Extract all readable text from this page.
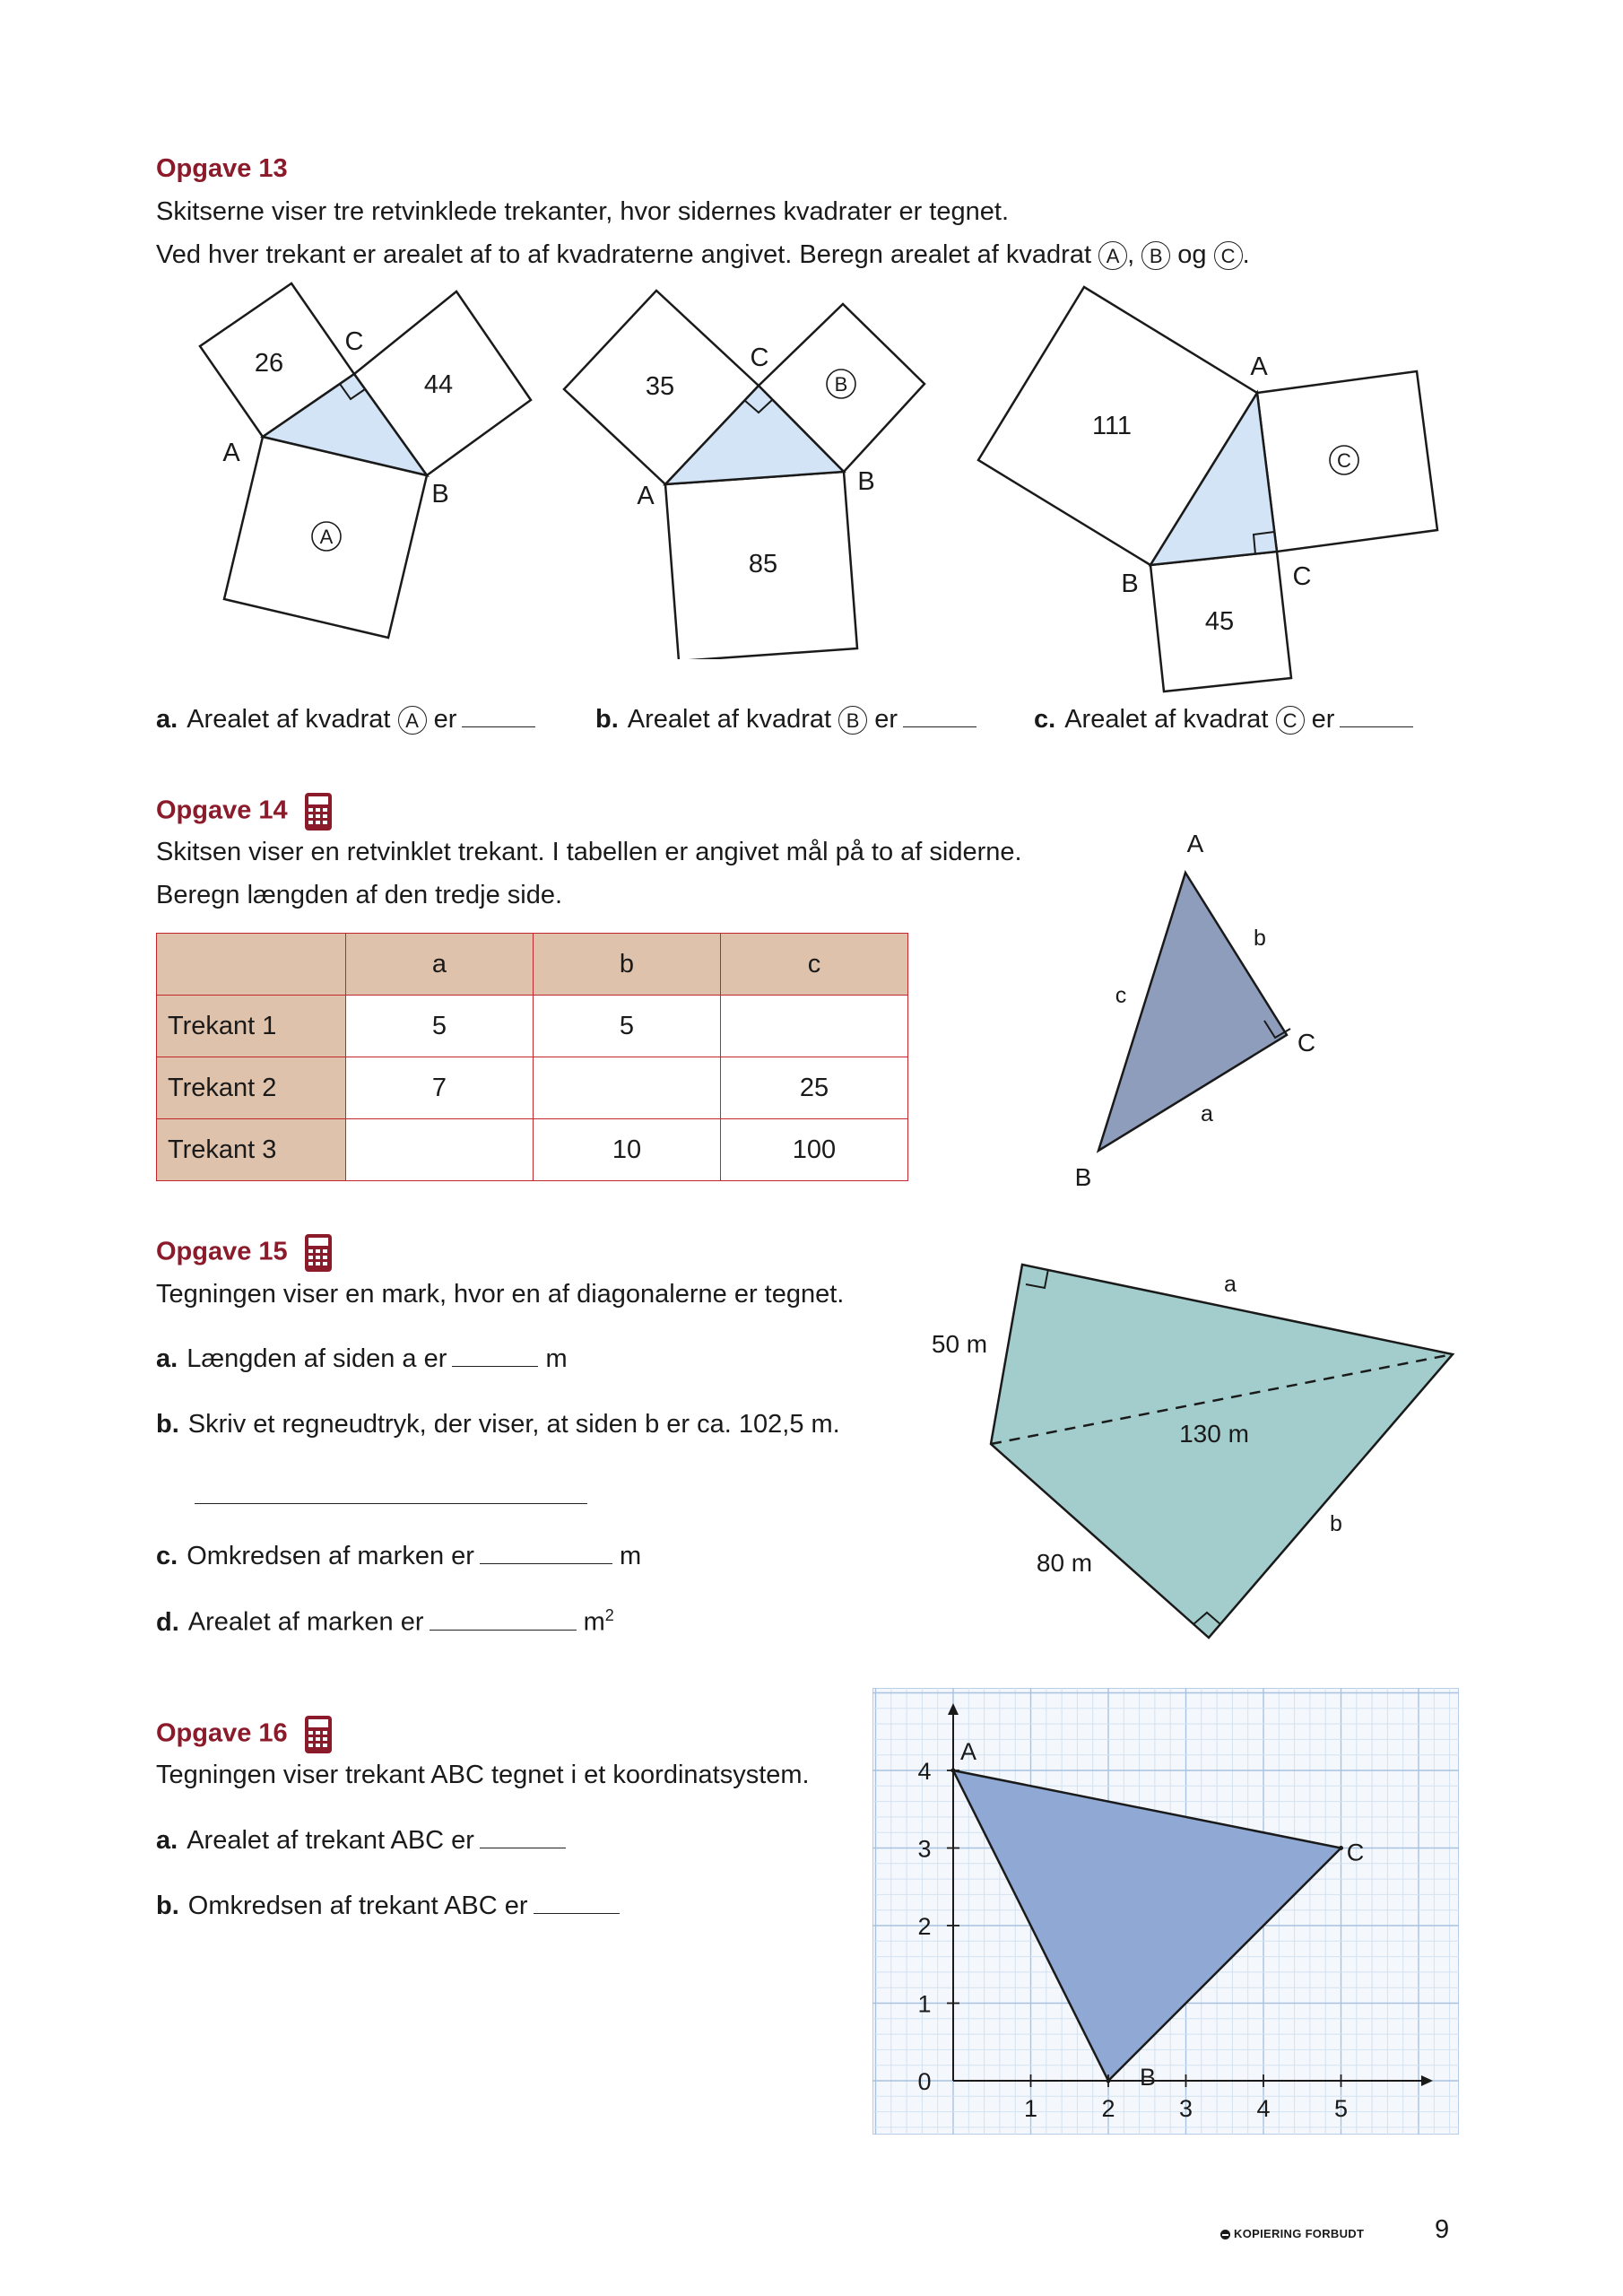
Opgave 13
Skitserne viser tre retvinklede trekanter, hvor sidernes kvadrater er tegnet.
Ved hver trekant er arealet af to af kvadraterne angivet. Beregn arealet af kvadrat A , B og C .
26
44
C
A
B
A
35
C
B
A	B
85
111
A
C
B	C
45
a. Arealet af kvadrat A er	b. Arealet af kvadrat B er	c. Arealet af kvadrat C er
Opgave 14
Skitsen viser en retvinklet trekant. I tabellen er angivet mål på to af siderne.
Beregn længden af den tredje side.
	a	b	c
Trekant 1	5	5	
Trekant 2	7		25
Trekant 3		10	100
A
C
B
b
c
a
Opgave 15
Tegningen viser en mark, hvor en af diagonalerne er tegnet.
a. Længden af siden a er	m
b. Skriv et regneudtryk, der viser, at siden b er ca. 102,5 m.
c. Omkredsen af marken er	m
d. Arealet af marken er	$m^2$
50 m
a
130 m
b
80 m
Opgave 16
Tegningen viser trekant ABC tegnet i et koordinatsystem.
a. Arealet af trekant ABC er
b. Omkredsen af trekant ABC er
A
B
C
1	2	3	4	5
0
1
2
3
4
KOPIERING FORBUDT	9
